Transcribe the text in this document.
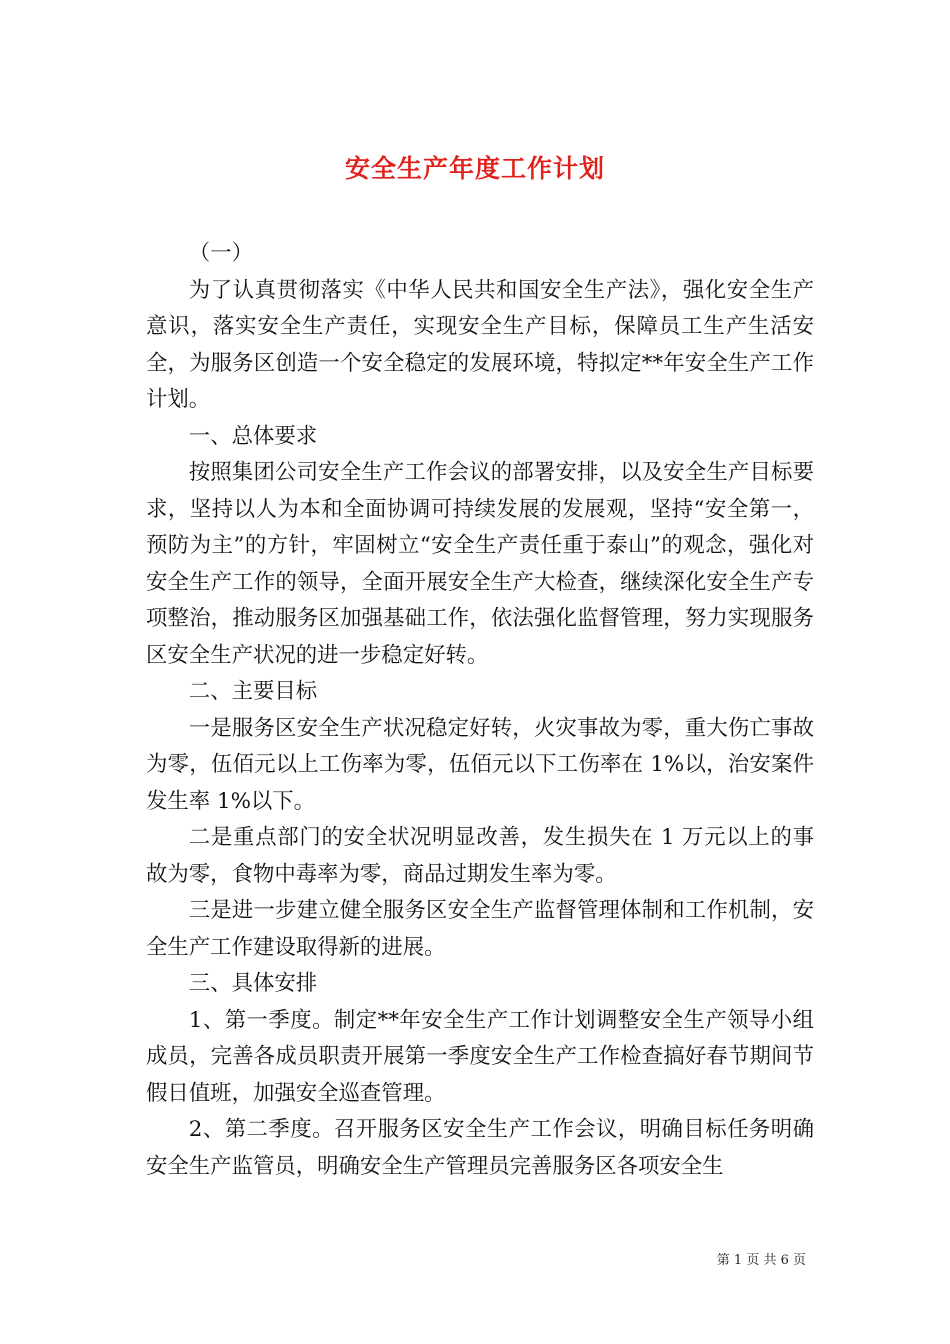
安全生产年度工作计划

（一）

为了认真贯彻落实《中华人民共和国安全生产法》，强化安全生产意识，落实安全生产责任，实现安全生产目标，保障员工生产生活安全，为服务区创造一个安全稳定的发展环境，特拟定**年安全生产工作计划。

一、总体要求

按照集团公司安全生产工作会议的部署安排，以及安全生产目标要求，坚持以人为本和全面协调可持续发展的发展观，坚持“安全第一，预防为主”的方针，牢固树立“安全生产责任重于泰山”的观念，强化对安全生产工作的领导，全面开展安全生产大检查，继续深化安全生产专项整治，推动服务区加强基础工作，依法强化监督管理，努力实现服务区安全生产状况的进一步稳定好转。

二、主要目标

一是服务区安全生产状况稳定好转，火灾事故为零，重大伤亡事故为零，伍佰元以上工伤率为零，伍佰元以下工伤率在 1%以，治安案件发生率 1%以下。

二是重点部门的安全状况明显改善，发生损失在 1 万元以上的事故为零，食物中毒率为零，商品过期发生率为零。

三是进一步建立健全服务区安全生产监督管理体制和工作机制，安全生产工作建设取得新的进展。

三、具体安排

1、第一季度。制定**年安全生产工作计划调整安全生产领导小组成员，完善各成员职责开展第一季度安全生产工作检查搞好春节期间节假日值班，加强安全巡查管理。

2、第二季度。召开服务区安全生产工作会议，明确目标任务明确安全生产监管员，明确安全生产管理员完善服务区各项安全生

第 1 页 共 6 页
